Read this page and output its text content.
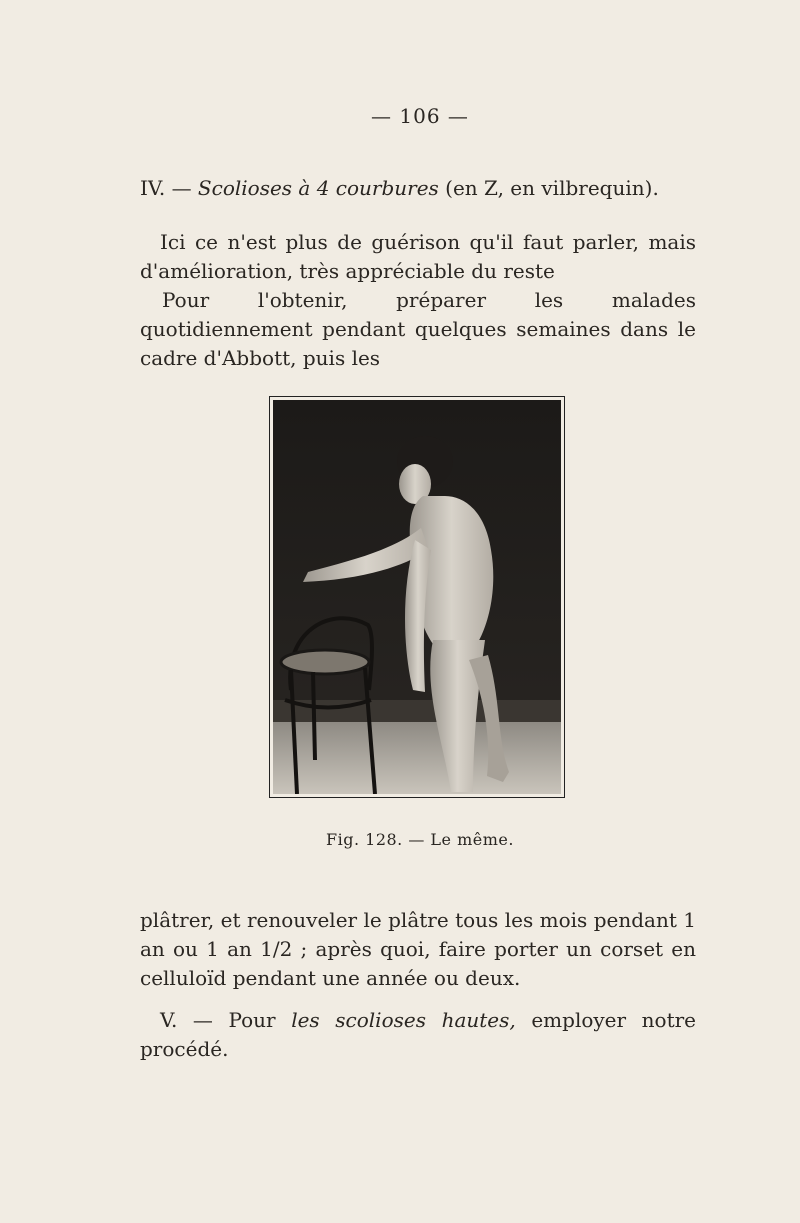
— 106 —
IV. — Scolioses à 4 courbures (en Z, en vilbrequin).

Ici ce n'est plus de guérison qu'il faut parler, mais d'amélioration, très appréciable du reste

Pour l'obtenir, préparer les malades quotidiennement pendant quelques semaines dans le cadre d'Abbott, puis les

Fig. 128. — Le même.

plâtrer, et renouveler le plâtre tous les mois pendant 1 an ou 1 an 1/2 ; après quoi, faire porter un corset en celluloïd pendant une année ou deux.

V. — Pour les scolioses hautes, employer notre procédé.
